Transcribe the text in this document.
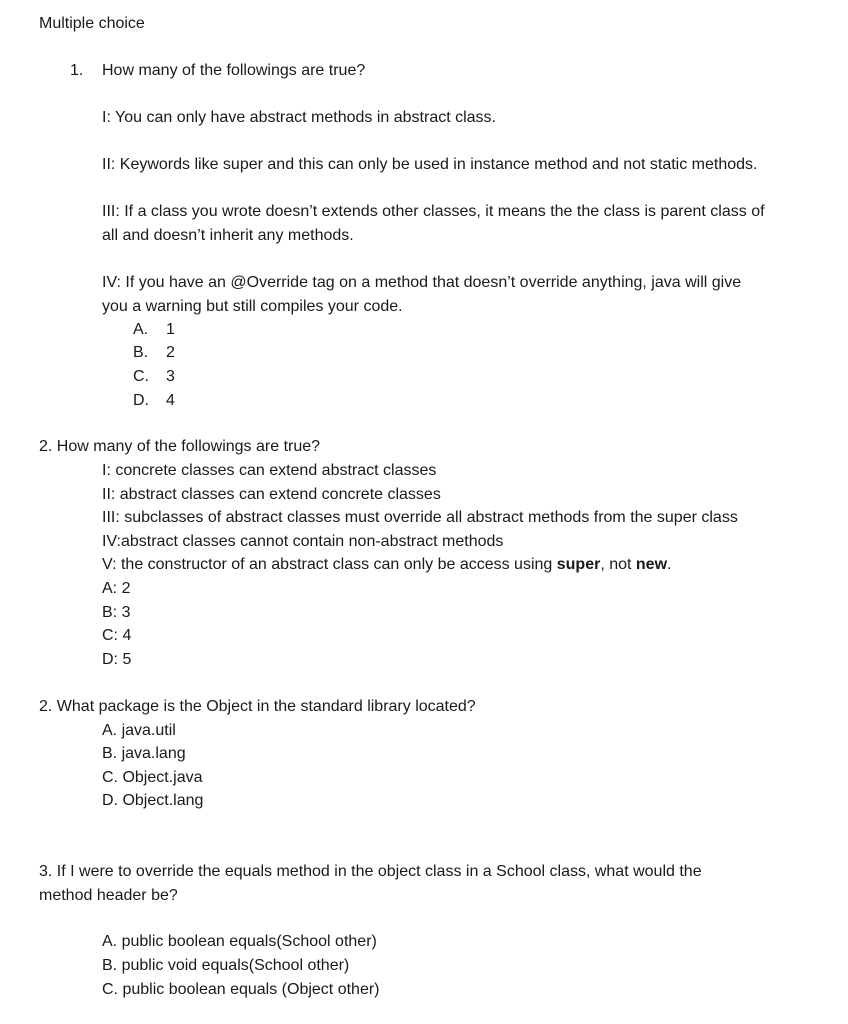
Multiple choice
1. How many of the followings are true?
I: You can only have abstract methods in abstract class.
II: Keywords like super and this can only be used in instance method and not static methods.
III: If a class you wrote doesn’t extends other classes, it means the the class is parent class of
all and doesn’t inherit any methods.
IV: If you have an @Override tag on a method that doesn’t override anything, java will give
you a warning but still compiles your code.
A. 1
B. 2
C. 3
D. 4
2. How many of the followings are true?
I: concrete classes can extend abstract classes
II: abstract classes can extend concrete classes
III: subclasses of abstract classes must override all abstract methods from the super class
IV:abstract classes cannot contain non-abstract methods
V: the constructor of an abstract class can only be access using super, not new.
A: 2
B: 3
C: 4
D: 5
2. What package is the Object in the standard library located?
A. java.util
B. java.lang
C. Object.java
D. Object.lang
3. If I were to override the equals method in the object class in a School class, what would the
method header be?
A. public boolean equals(School other)
B. public void equals(School other)
C. public boolean equals (Object other)
